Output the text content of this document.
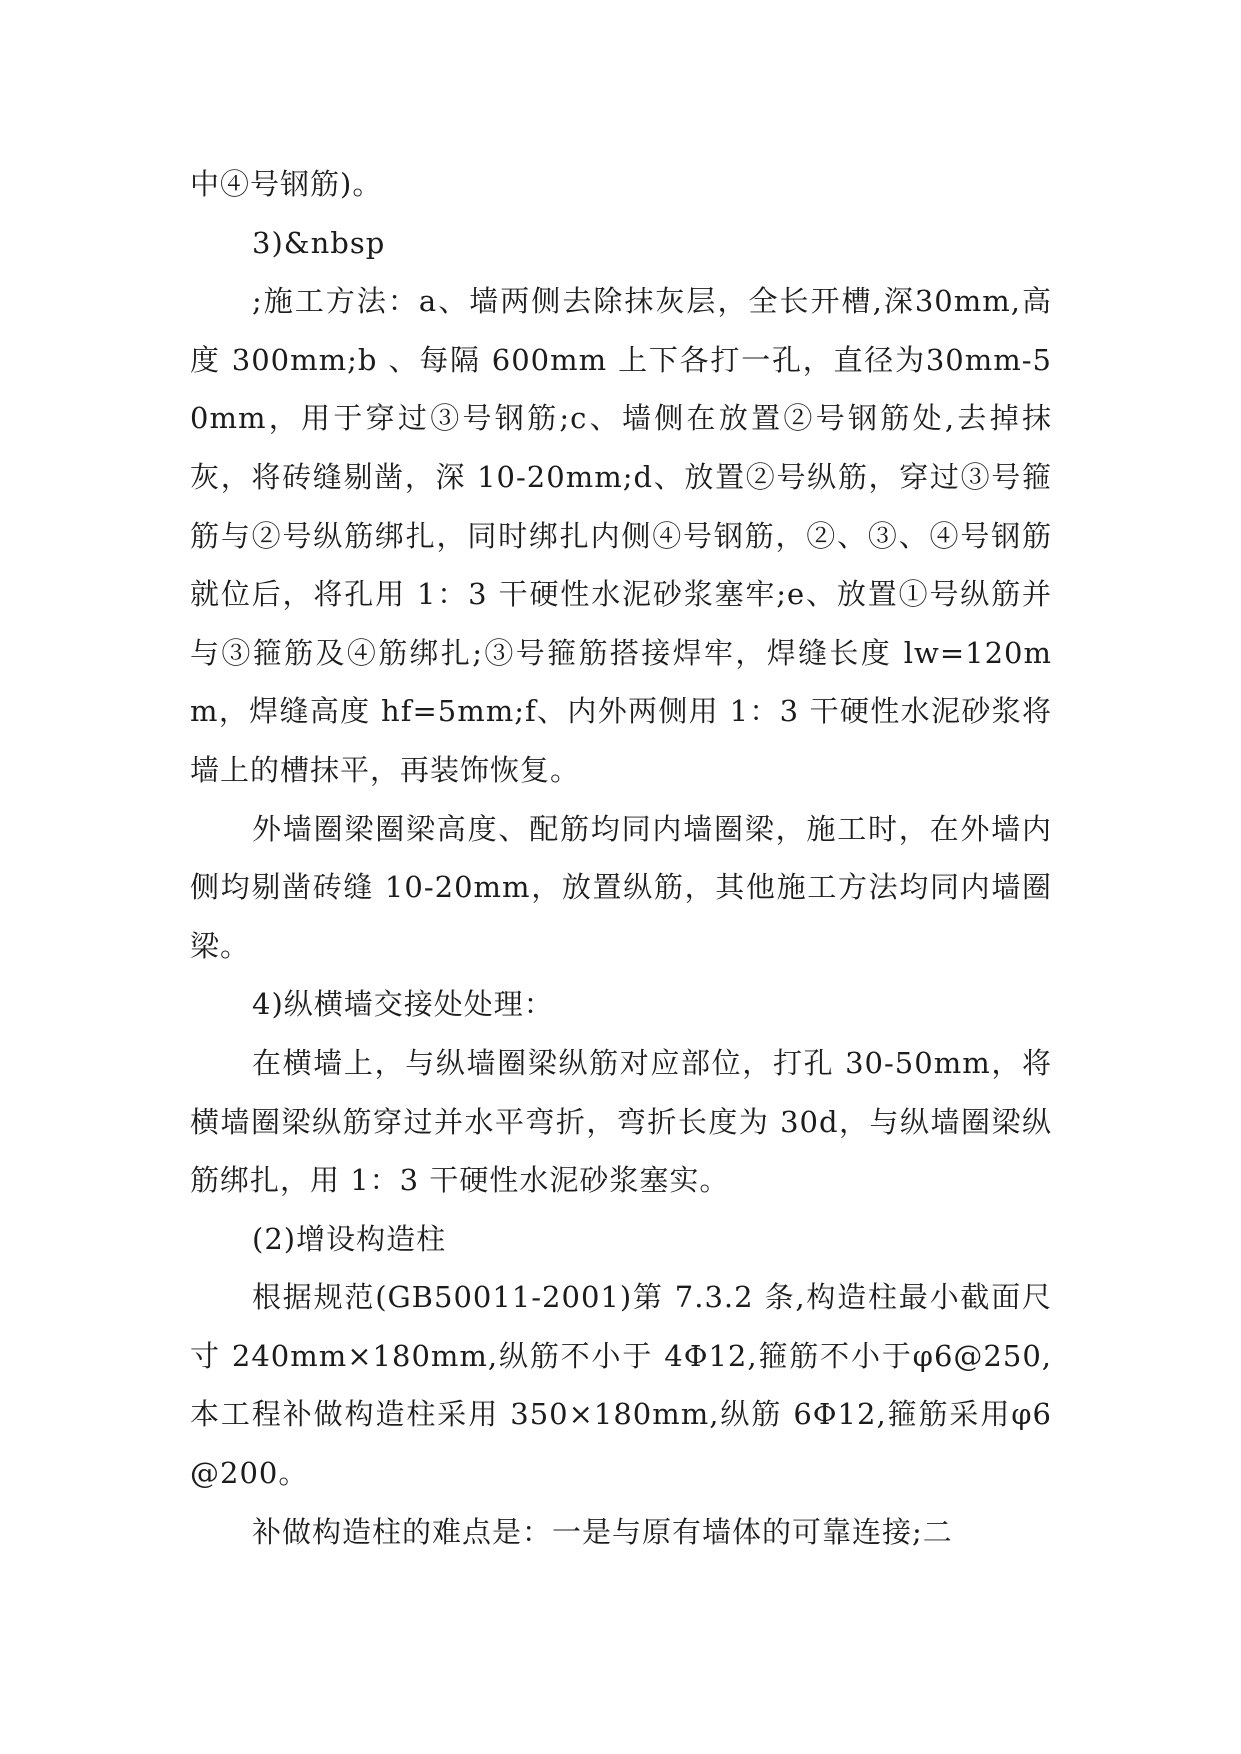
中④号钢筋)。

3)&nbsp

;施工方法：a、墙两侧去除抹灰层，全长开槽,深30mm,高度 300mm;b 、每隔 600mm 上下各打一孔，直径为30mm-50mm，用于穿过③号钢筋;c、墙侧在放置②号钢筋处,去掉抹灰，将砖缝剔凿，深 10-20mm;d、放置②号纵筋，穿过③号箍筋与②号纵筋绑扎，同时绑扎内侧④号钢筋，②、③、④号钢筋就位后，将孔用 1：3 干硬性水泥砂浆塞牢;e、放置①号纵筋并与③箍筋及④筋绑扎;③号箍筋搭接焊牢，焊缝长度 lw=120mm，焊缝高度 hf=5mm;f、内外两侧用 1：3 干硬性水泥砂浆将墙上的槽抹平，再装饰恢复。

外墙圈梁圈梁高度、配筋均同内墙圈梁，施工时，在外墙内侧均剔凿砖缝 10-20mm，放置纵筋，其他施工方法均同内墙圈梁。

4)纵横墙交接处处理：

在横墙上，与纵墙圈梁纵筋对应部位，打孔 30-50mm，将横墙圈梁纵筋穿过并水平弯折，弯折长度为 30d，与纵墙圈梁纵筋绑扎，用 1：3 干硬性水泥砂浆塞实。

(2)增设构造柱

根据规范(GB50011-2001)第 7.3.2 条,构造柱最小截面尺寸 240mm×180mm,纵筋不小于 4Φ12,箍筋不小于φ6@250,本工程补做构造柱采用 350×180mm,纵筋 6Φ12,箍筋采用φ6@200。

补做构造柱的难点是：一是与原有墙体的可靠连接;二
